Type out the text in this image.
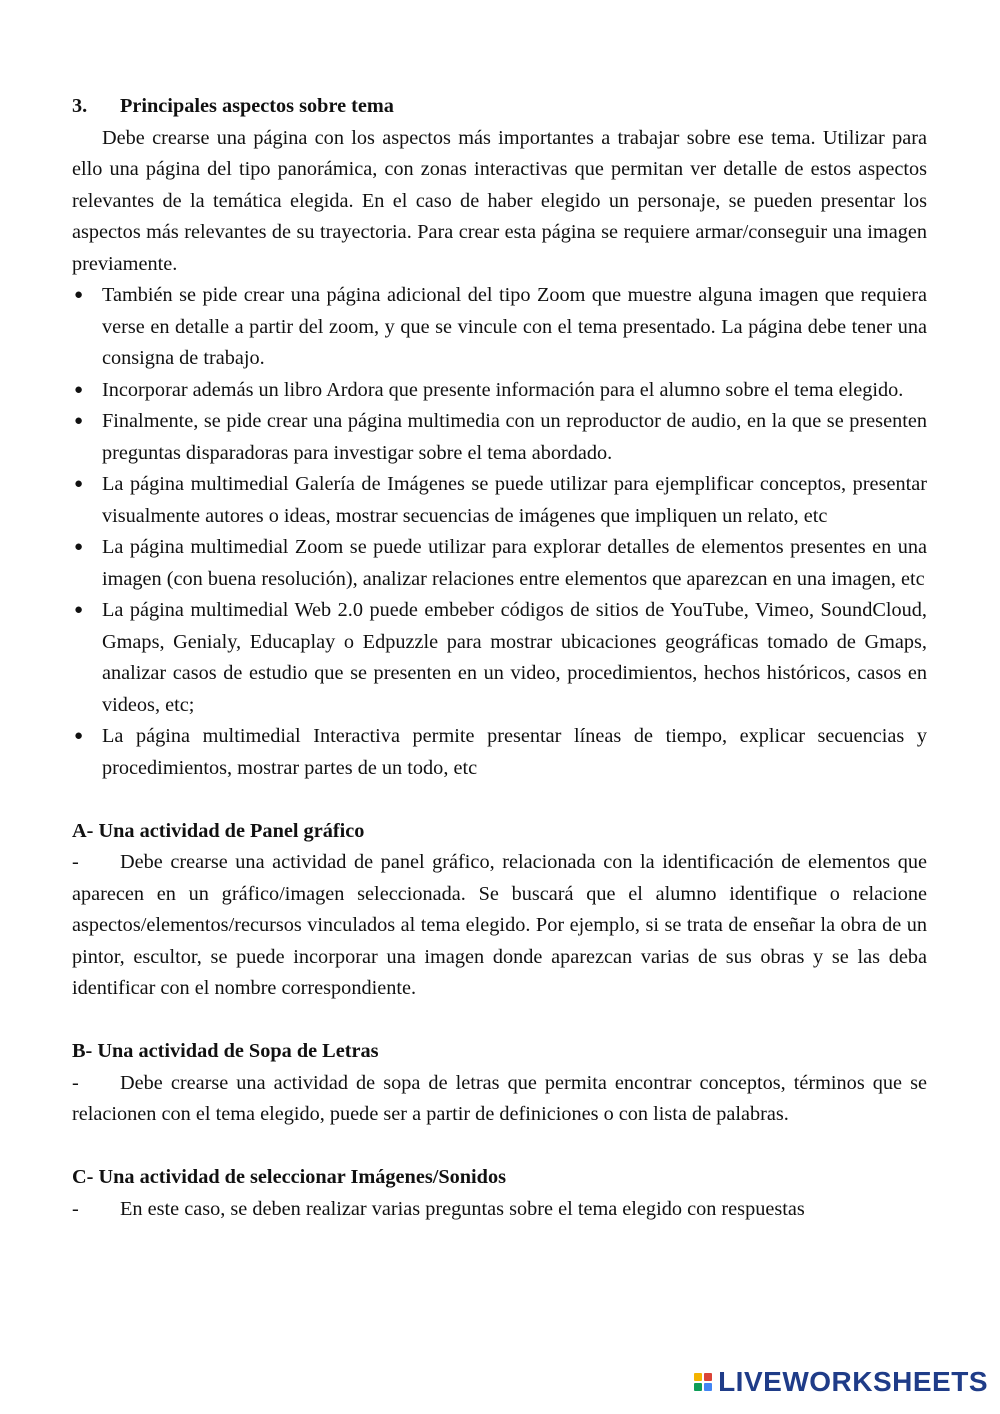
3.	Principales aspectos sobre tema

Debe crearse una página con los aspectos más importantes a trabajar sobre ese tema. Utilizar para ello una página del tipo panorámica, con zonas interactivas que permitan ver detalle de estos aspectos relevantes de la temática elegida. En el caso de haber elegido un personaje, se pueden presentar los aspectos más relevantes de su trayectoria. Para crear esta página se requiere armar/conseguir una imagen previamente.

● También se pide crear una página adicional del tipo Zoom que muestre alguna imagen que requiera verse en detalle a partir del zoom, y que se vincule con el tema presentado. La página debe tener una consigna de trabajo.
● Incorporar además un libro Ardora que presente información para el alumno sobre el tema elegido.
● Finalmente, se pide crear una página multimedia con un reproductor de audio, en la que se presenten preguntas disparadoras para investigar sobre el tema abordado.
● La página multimedial Galería de Imágenes se puede utilizar para ejemplificar conceptos, presentar visualmente autores o ideas, mostrar secuencias de imágenes que impliquen un relato, etc
● La página multimedial Zoom se puede utilizar para explorar detalles de elementos presentes en una imagen (con buena resolución), analizar relaciones entre elementos que aparezcan en una imagen, etc
● La página multimedial Web 2.0 puede embeber códigos de sitios de YouTube, Vimeo, SoundCloud, Gmaps, Genialy, Educaplay o Edpuzzle para mostrar ubicaciones geográficas tomado de Gmaps, analizar casos de estudio que se presenten en un video, procedimientos, hechos históricos, casos en videos, etc;
● La página multimedial Interactiva permite presentar líneas de tiempo, explicar secuencias y procedimientos, mostrar partes de un todo, etc
A- Una actividad de Panel gráfico

- Debe crearse una actividad de panel gráfico, relacionada con la identificación de elementos que aparecen en un gráfico/imagen seleccionada. Se buscará que el alumno identifique o relacione aspectos/elementos/recursos vinculados al tema elegido. Por ejemplo, si se trata de enseñar la obra de un pintor, escultor, se puede incorporar una imagen donde aparezcan varias de sus obras y se las deba identificar con el nombre correspondiente.

B- Una actividad de Sopa de Letras

- Debe crearse una actividad de sopa de letras que permita encontrar conceptos, términos que se relacionen con el tema elegido, puede ser a partir de definiciones o con lista de palabras.

C- Una actividad de seleccionar Imágenes/Sonidos

- En este caso, se deben realizar varias preguntas sobre el tema elegido con respuestas

LIVEWORKSHEETS
